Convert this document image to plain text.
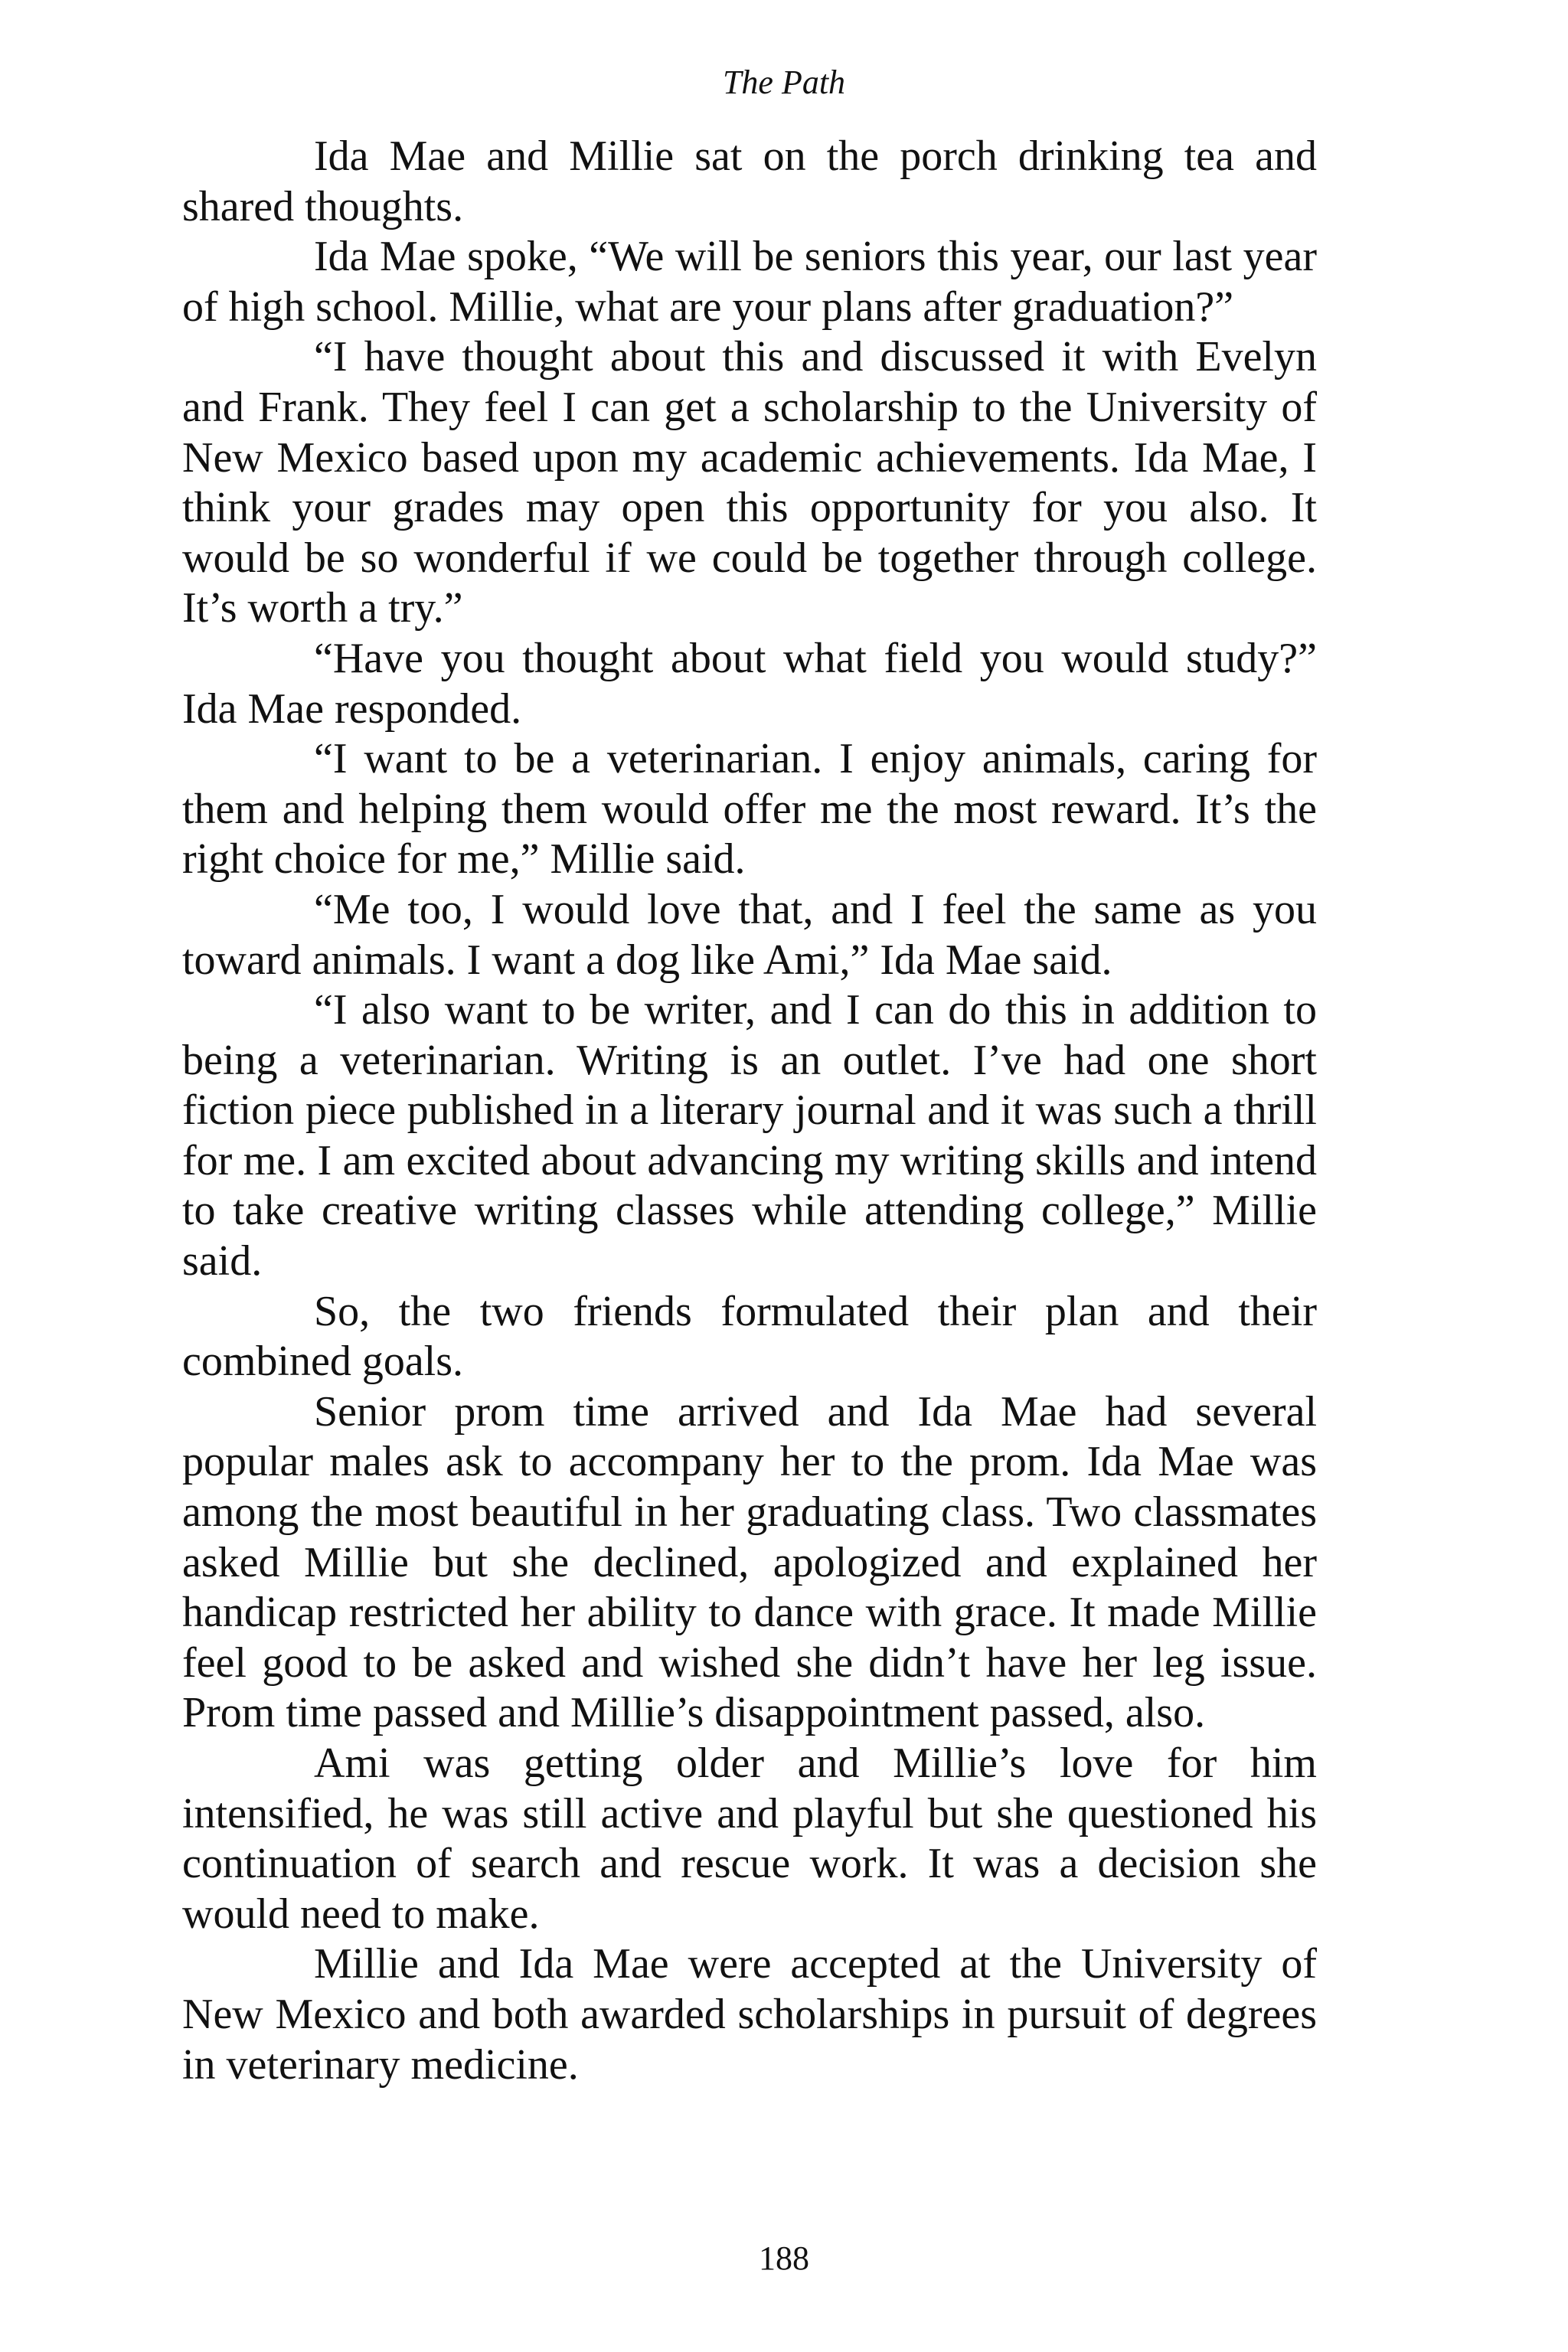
The Path

Ida Mae and Millie sat on the porch drinking tea and shared thoughts.

Ida Mae spoke, “We will be seniors this year, our last year of high school. Millie, what are your plans after graduation?”

“I have thought about this and discussed it with Evelyn and Frank. They feel I can get a scholarship to the University of New Mexico based upon my academic achievements. Ida Mae, I think your grades may open this opportunity for you also. It would be so wonderful if we could be together through college. It’s worth a try.”

“Have you thought about what field you would study?” Ida Mae responded.

“I want to be a veterinarian. I enjoy animals, caring for them and helping them would offer me the most reward. It’s the right choice for me,” Millie said.

“Me too, I would love that, and I feel the same as you toward animals. I want a dog like Ami,” Ida Mae said.

“I also want to be writer, and I can do this in addition to being a veterinarian. Writing is an outlet. I’ve had one short fiction piece published in a literary journal and it was such a thrill for me. I am excited about advancing my writing skills and intend to take creative writing classes while attending college,” Millie said.

So, the two friends formulated their plan and their combined goals.

Senior prom time arrived and Ida Mae had several popular males ask to accompany her to the prom. Ida Mae was among the most beautiful in her graduating class. Two classmates asked Millie but she declined, apologized and explained her handicap restricted her ability to dance with grace. It made Millie feel good to be asked and wished she didn’t have her leg issue. Prom time passed and Millie’s disappointment passed, also.

Ami was getting older and Millie’s love for him intensified, he was still active and playful but she questioned his continuation of search and rescue work. It was a decision she would need to make.

Millie and Ida Mae were accepted at the University of New Mexico and both awarded scholarships in pursuit of degrees in veterinary medicine.

188
